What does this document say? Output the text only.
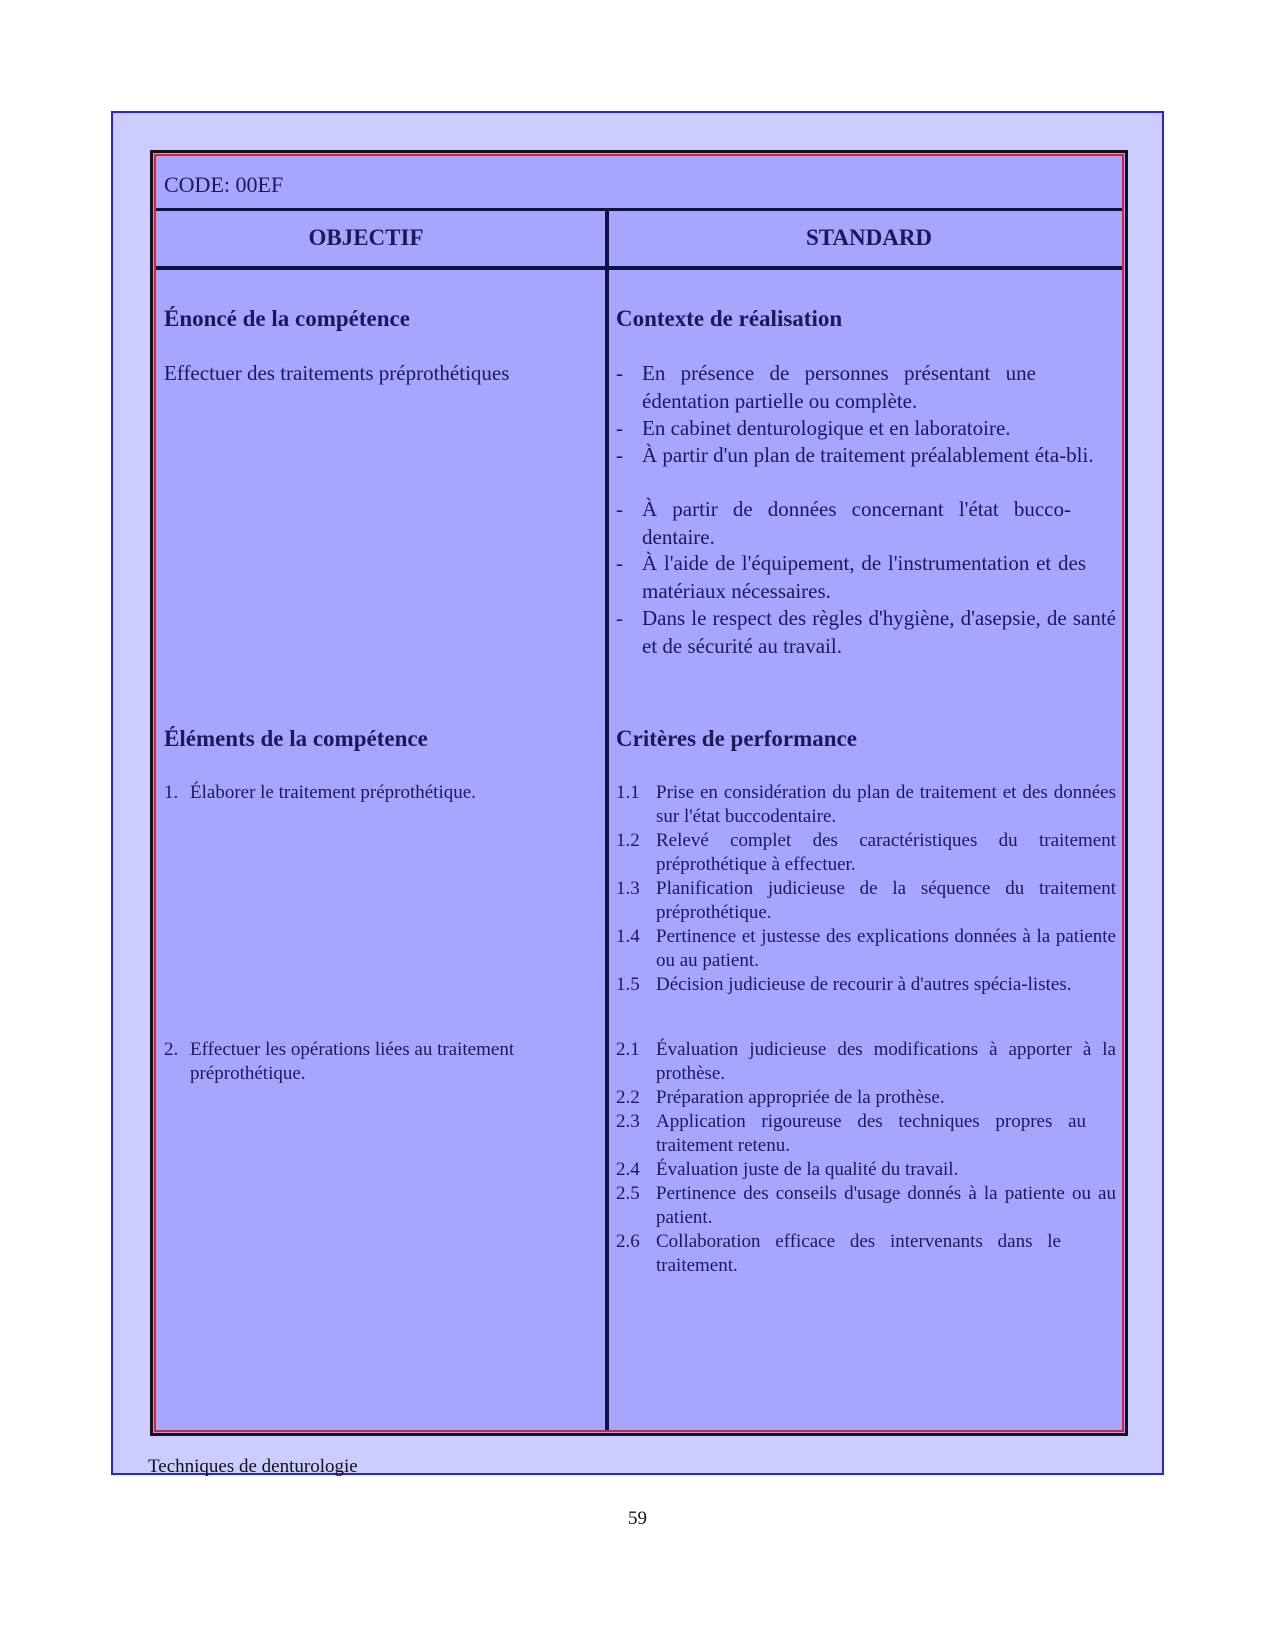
CODE: 00EF
OBJECTIF	STANDARD
Énoncé de la compétence
Effectuer des traitements préprothétiques
Éléments de la compétence
1. Élaborer le traitement préprothétique.
2. Effectuer les opérations liées au traitement préprothétique.
Contexte de réalisation
- En présence de personnes présentant une édentation partielle ou complète.
- En cabinet denturologique et en laboratoire.
- À partir d'un plan de traitement préalablement éta-bli.
- À partir de données concernant l'état bucco-dentaire.
- À l'aide de l'équipement, de l'instrumentation et des matériaux nécessaires.
- Dans le respect des règles d'hygiène, d'asepsie, de santé et de sécurité au travail.
Critères de performance
1.1 Prise en considération du plan de traitement et des données sur l'état buccodentaire.
1.2 Relevé complet des caractéristiques du traitement préprothétique à effectuer.
1.3 Planification judicieuse de la séquence du traitement préprothétique.
1.4 Pertinence et justesse des explications données à la patiente ou au patient.
1.5 Décision judicieuse de recourir à d'autres spécia-listes.
2.1 Évaluation judicieuse des modifications à apporter à la prothèse.
2.2 Préparation appropriée de la prothèse.
2.3 Application rigoureuse des techniques propres au traitement retenu.
2.4 Évaluation juste de la qualité du travail.
2.5 Pertinence des conseils d'usage donnés à la patiente ou au patient.
2.6 Collaboration efficace des intervenants dans le traitement.
Techniques de denturologie
59
